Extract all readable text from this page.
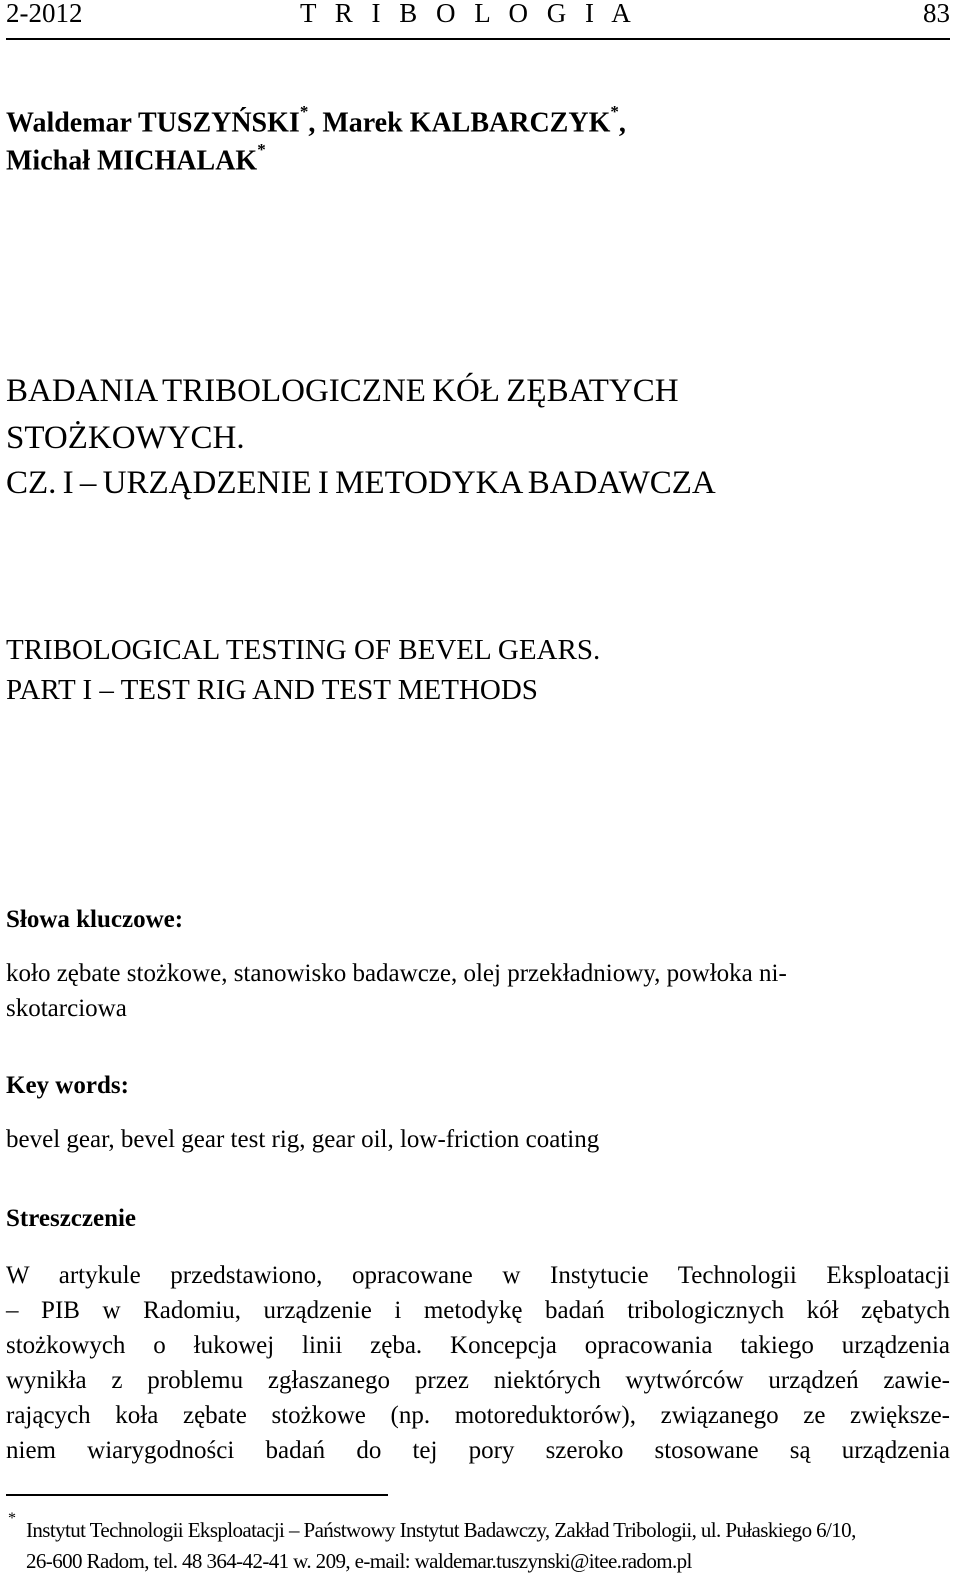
2-2012	T R I B O L O G I A	83
Waldemar TUSZYŃSKI*, Marek KALBARCZYK*,
Michał MICHALAK*
BADANIA TRIBOLOGICZNE KÓŁ ZĘBATYCH
STOŻKOWYCH.
CZ. I – URZĄDZENIE I METODYKA BADAWCZA
TRIBOLOGICAL TESTING OF BEVEL GEARS.
PART I – TEST RIG AND TEST METHODS
Słowa kluczowe:
koło zębate stożkowe, stanowisko badawcze, olej przekładniowy, powłoka ni-
skotarciowa
Key words:
bevel gear, bevel gear test rig, gear oil, low-friction coating
Streszczenie
W artykule przedstawiono, opracowane w Instytucie Technologii Eksploatacji
– PIB w Radomiu, urządzenie i metodykę badań tribologicznych kół zębatych
stożkowych o łukowej linii zęba. Koncepcja opracowania takiego urządzenia
wynikła z problemu zgłaszanego przez niektórych wytwórców urządzeń zawie-
rających koła zębate stożkowe (np. motoreduktorów), związanego ze zwiększe-
niem wiarygodności badań do tej pory szeroko stosowane są urządzenia
* Instytut Technologii Eksploatacji – Państwowy Instytut Badawczy, Zakład Tribologii, ul. Pułaskiego 6/10,
26-600 Radom, tel. 48 364-42-41 w. 209, e-mail: waldemar.tuszynski@itee.radom.pl
